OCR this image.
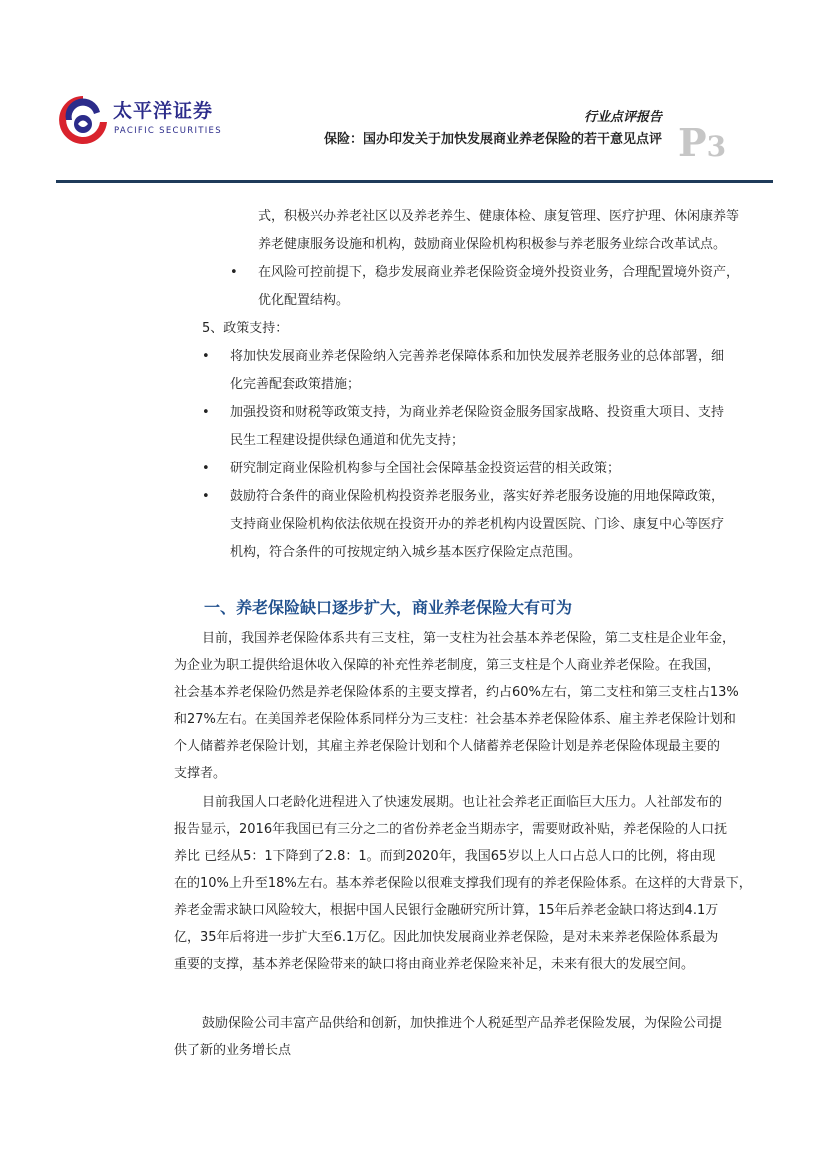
太平洋证券
PACIFIC SECURITIES
行业点评报告
保险：国办印发关于加快发展商业养老保险的若干意见点评 P3
式，积极兴办养老社区以及养老养生、健康体检、康复管理、医疗护理、休闲康养等
养老健康服务设施和机构，鼓励商业保险机构积极参与养老服务业综合改革试点。
• 在风险可控前提下，稳步发展商业养老保险资金境外投资业务，合理配置境外资产，
优化配置结构。
5、政策支持：
• 将加快发展商业养老保险纳入完善养老保障体系和加快发展养老服务业的总体部署，细
化完善配套政策措施；
• 加强投资和财税等政策支持，为商业养老保险资金服务国家战略、投资重大项目、支持
民生工程建设提供绿色通道和优先支持；
• 研究制定商业保险机构参与全国社会保障基金投资运营的相关政策；
• 鼓励符合条件的商业保险机构投资养老服务业，落实好养老服务设施的用地保障政策，
支持商业保险机构依法依规在投资开办的养老机构内设置医院、门诊、康复中心等医疗
机构，符合条件的可按规定纳入城乡基本医疗保险定点范围。
一、养老保险缺口逐步扩大，商业养老保险大有可为
目前，我国养老保险体系共有三支柱，第一支柱为社会基本养老保险，第二支柱是企业年金，
为企业为职工提供给退休收入保障的补充性养老制度，第三支柱是个人商业养老保险。在我国，
社会基本养老保险仍然是养老保险体系的主要支撑者，约占60%左右，第二支柱和第三支柱占13%
和27%左右。在美国养老保险体系同样分为三支柱：社会基本养老保险体系、雇主养老保险计划和
个人储蓄养老保险计划，其雇主养老保险计划和个人储蓄养老保险计划是养老保险体现最主要的
支撑者。
目前我国人口老龄化进程进入了快速发展期。也让社会养老正面临巨大压力。人社部发布的
报告显示，2016年我国已有三分之二的省份养老金当期赤字，需要财政补贴，养老保险的人口抚
养比 已经从5：1下降到了2.8：1。而到2020年，我国65岁以上人口占总人口的比例，将由现
在的10%上升至18%左右。基本养老保险以很难支撑我们现有的养老保险体系。在这样的大背景下，
养老金需求缺口风险较大，根据中国人民银行金融研究所计算，15年后养老金缺口将达到4.1万
亿，35年后将进一步扩大至6.1万亿。因此加快发展商业养老保险，是对未来养老保险体系最为
重要的支撑，基本养老保险带来的缺口将由商业养老保险来补足，未来有很大的发展空间。
鼓励保险公司丰富产品供给和创新，加快推进个人税延型产品养老保险发展，为保险公司提
供了新的业务增长点
